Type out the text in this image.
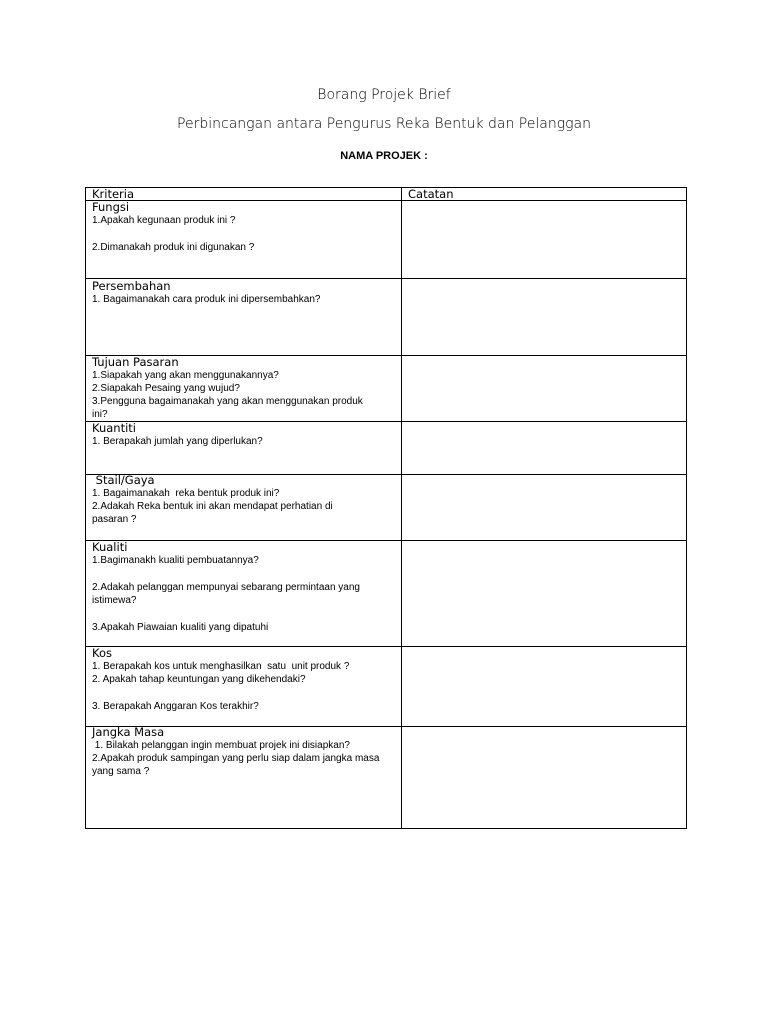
Borang Projek Brief
Perbincangan antara Pengurus Reka Bentuk dan Pelanggan
NAMA PROJEK :
Kriteria	Catatan

Fungsi
1.Apakah kegunaan produk ini ?
2.Dimanakah produk ini digunakan ?	

Persembahan
1. Bagaimanakah cara produk ini dipersembahkan?	

Tujuan Pasaran
1.Siapakah yang akan menggunakannya?
2.Siapakah Pesaing yang wujud?
3.Pengguna bagaimanakah yang akan menggunakan produk ini?	

Kuantiti
1. Berapakah jumlah yang diperlukan?	

Stail/Gaya
1. Bagaimanakah  reka bentuk produk ini?
2.Adakah Reka bentuk ini akan mendapat perhatian di pasaran ?	

Kualiti
1.Bagimanakh kualiti pembuatannya?
2.Adakah pelanggan mempunyai sebarang permintaan yang istimewa?
3.Apakah Piawaian kualiti yang dipatuhi	

Kos
1. Berapakah kos untuk menghasilkan  satu  unit produk ?
2. Apakah tahap keuntungan yang dikehendaki?
3. Berapakah Anggaran Kos terakhir?	

Jangka Masa
1. Bilakah pelanggan ingin membuat projek ini disiapkan?
2.Apakah produk sampingan yang perlu siap dalam jangka masa yang sama ?	
